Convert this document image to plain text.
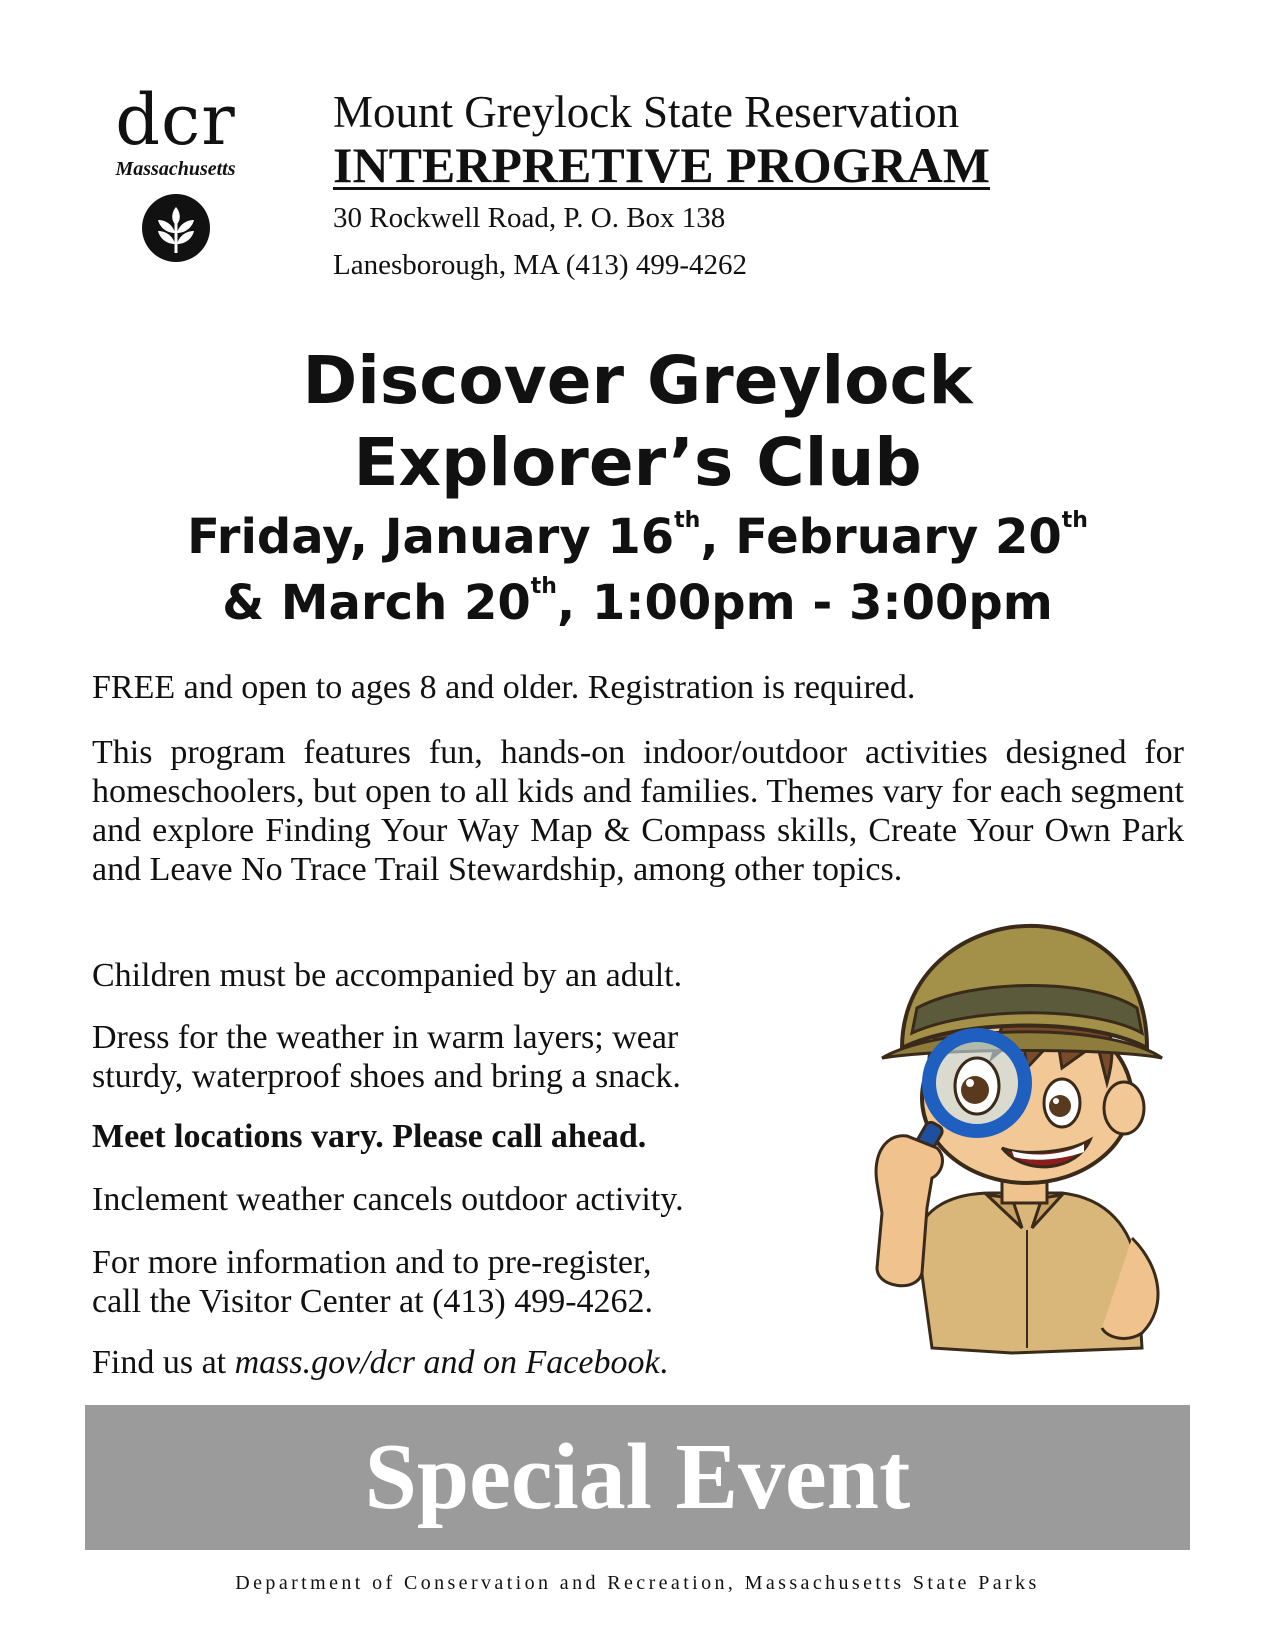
dcr
Massachusetts
Mount Greylock State Reservation
INTERPRETIVE PROGRAM
30 Rockwell Road, P. O. Box 138
Lanesborough, MA (413) 499-4262
Discover Greylock
Explorer’s Club
Friday, January 16th, February 20th
& March 20th, 1:00pm - 3:00pm

FREE and open to ages 8 and older. Registration is required.

This program features fun, hands-on indoor/outdoor activities designed for homeschoolers, but open to all kids and families. Themes vary for each segment and explore Finding Your Way Map & Compass skills, Create Your Own Park and Leave No Trace Trail Stewardship, among other topics.

Children must be accompanied by an adult.

Dress for the weather in warm layers; wear
sturdy, waterproof shoes and bring a snack.

Meet locations vary. Please call ahead.

Inclement weather cancels outdoor activity.

For more information and to pre-register,
call the Visitor Center at (413) 499-4262.

Find us at mass.gov/dcr and on Facebook.

Special Event
Department of Conservation and Recreation, Massachusetts State Parks
